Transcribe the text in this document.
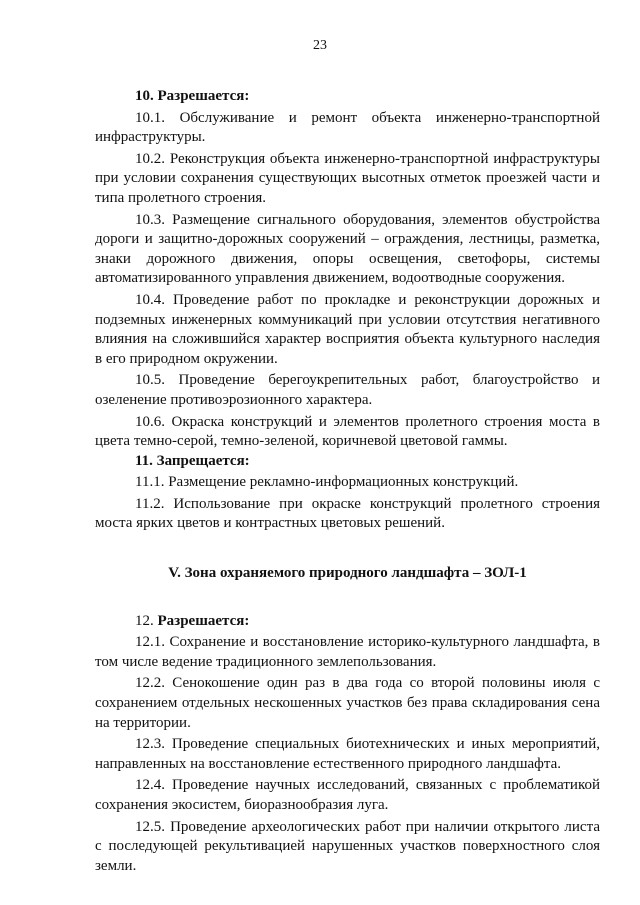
23

10. Разрешается:

10.1. Обслуживание и ремонт объекта инженерно-транспортной инфраструктуры.

10.2. Реконструкция объекта инженерно-транспортной инфраструктуры при условии сохранения существующих высотных отметок проезжей части и типа пролетного строения.

10.3. Размещение сигнального оборудования, элементов обустройства дороги и защитно-дорожных сооружений – ограждения, лестницы, разметка, знаки дорожного движения, опоры освещения, светофоры, системы автоматизированного управления движением, водоотводные сооружения.

10.4. Проведение работ по прокладке и реконструкции дорожных и подземных инженерных коммуникаций при условии отсутствия негативного влияния на сложившийся характер восприятия объекта культурного наследия в его природном окружении.

10.5. Проведение берегоукрепительных работ, благоустройство и озеленение противоэрозионного характера.

10.6. Окраска конструкций и элементов пролетного строения моста в цвета темно-серой, темно-зеленой, коричневой цветовой гаммы.

11. Запрещается:

11.1. Размещение рекламно-информационных конструкций.

11.2. Использование при окраске конструкций пролетного строения моста ярких цветов и контрастных цветовых решений.

V. Зона охраняемого природного ландшафта – ЗОЛ-1

12. Разрешается:

12.1. Сохранение и восстановление историко-культурного ландшафта, в том числе ведение традиционного землепользования.

12.2. Сенокошение один раз в два года со второй половины июля с сохранением отдельных нескошенных участков без права складирования сена на территории.

12.3. Проведение специальных биотехнических и иных мероприятий, направленных на восстановление естественного природного ландшафта.

12.4. Проведение научных исследований, связанных с проблематикой сохранения экосистем, биоразнообразия луга.

12.5. Проведение археологических работ при наличии открытого листа с последующей рекультивацией нарушенных участков поверхностного слоя земли.
